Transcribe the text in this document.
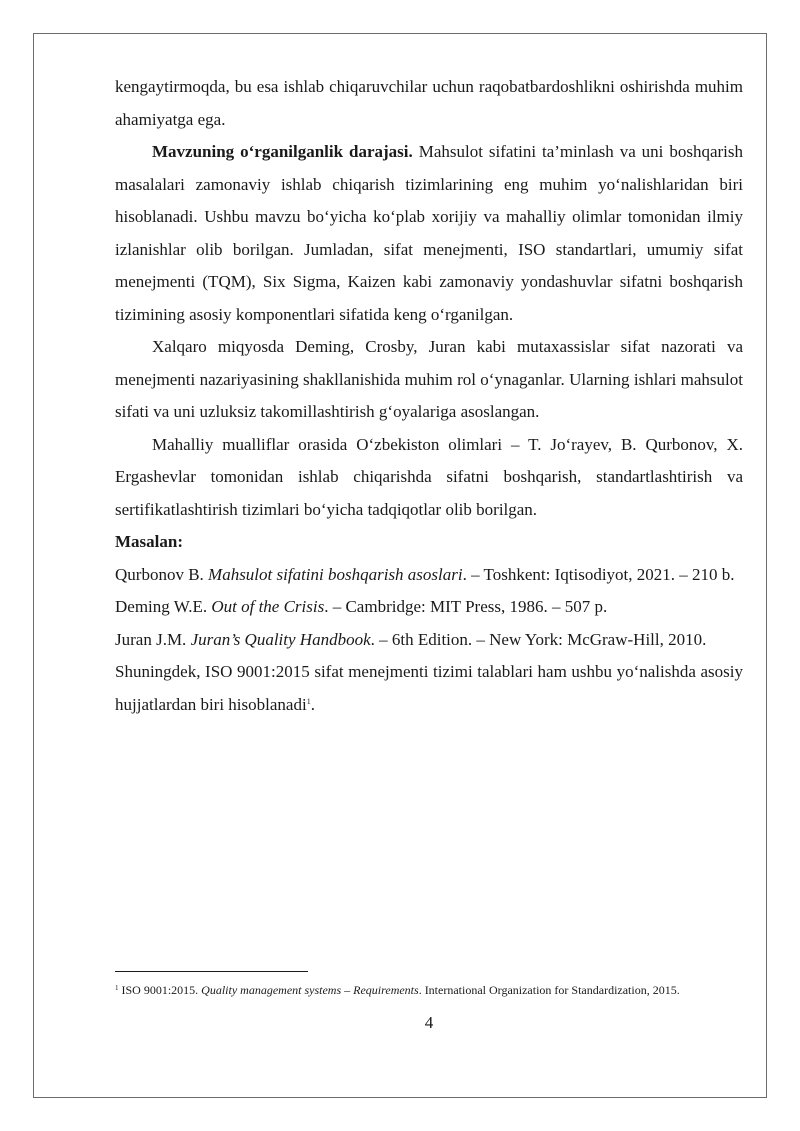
kengaytirmoqda, bu esa ishlab chiqaruvchilar uchun raqobatbardoshlikni oshirishda muhim ahamiyatga ega.

Mavzuning o‘rganilganlik darajasi. Mahsulot sifatini ta’minlash va uni boshqarish masalalari zamonaviy ishlab chiqarish tizimlarining eng muhim yo‘nalishlaridan biri hisoblanadi. Ushbu mavzu bo‘yicha ko‘plab xorijiy va mahalliy olimlar tomonidan ilmiy izlanishlar olib borilgan. Jumladan, sifat menejmenti, ISO standartlari, umumiy sifat menejmenti (TQM), Six Sigma, Kaizen kabi zamonaviy yondashuvlar sifatni boshqarish tizimining asosiy komponentlari sifatida keng o‘rganilgan.

Xalqaro miqyosda Deming, Crosby, Juran kabi mutaxassislar sifat nazorati va menejmenti nazariyasining shakllanishida muhim rol o‘ynaganlar. Ularning ishlari mahsulot sifati va uni uzluksiz takomillashtirish g‘oyalariga asoslangan.

Mahalliy mualliflar orasida O‘zbekiston olimlari – T. Jo‘rayev, B. Qurbonov, X. Ergashevlar tomonidan ishlab chiqarishda sifatni boshqarish, standartlashtirish va sertifikatlashtirish tizimlari bo‘yicha tadqiqotlar olib borilgan.

Masalan:

Qurbonov B. Mahsulot sifatini boshqarish asoslari. – Toshkent: Iqtisodiyot, 2021. – 210 b.

Deming W.E. Out of the Crisis. – Cambridge: MIT Press, 1986. – 507 p.

Juran J.M. Juran’s Quality Handbook. – 6th Edition. – New York: McGraw-Hill, 2010.

Shuningdek, ISO 9001:2015 sifat menejmenti tizimi talablari ham ushbu yo‘nalishda asosiy hujjatlardan biri hisoblanadi$^1$.

$^1$ ISO 9001:2015. Quality management systems – Requirements. International Organization for Standardization, 2015.
4
